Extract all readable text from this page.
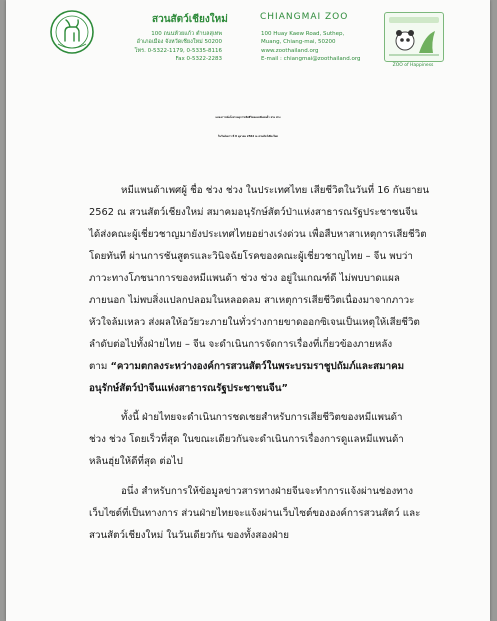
สวนสัตว์เชียงใหม่
100 ถนนห้วยแก้ว ตำบลสุเทพ
อำเภอเมือง จังหวัดเชียงใหม่ 50200
โทร. 0-5322-1179, 0-5335-8116
Fax 0-5322-2283
CHIANGMAI ZOO
100 Huay Kaew Road, Suthep,
Muang, Chiang-mai, 50200
www.zoothailand.org
E-mail : chiangmai@zoothailand.org
ZOO of Happiness
แถลงการณ์แจ้งสาเหตุการเสียชีวิตของหมีแพนด้า ช่วง ช่วง
ในวันอังคาร ที่ 8 ตุลาคม 2562 ณ สวนสัตว์เชียงใหม่
หมีแพนด้าเพศผู้ ชื่อ ช่วง ช่วง ในประเทศไทย เสียชีวิตในวันที่ 16 กันยายน
2562 ณ สวนสัตว์เชียงใหม่ สมาคมอนุรักษ์สัตว์ป่าแห่งสาธารณรัฐประชาชนจีน
ได้ส่งคณะผู้เชี่ยวชาญมายังประเทศไทยอย่างเร่งด่วน เพื่อสืบหาสาเหตุการเสียชีวิต
โดยทันที ผ่านการชันสูตรและวินิจฉัยโรคของคณะผู้เชี่ยวชาญไทย – จีน พบว่า
ภาวะทางโภชนาการของหมีแพนด้า ช่วง ช่วง อยู่ในเกณฑ์ดี ไม่พบบาดแผล
ภายนอก ไม่พบสิ่งแปลกปลอมในหลอดลม สาเหตุการเสียชีวิตเนื่องมาจากภาวะ
หัวใจล้มเหลว ส่งผลให้อวัยวะภายในทั่วร่างกายขาดออกซิเจนเป็นเหตุให้เสียชีวิต
ลำดับต่อไปทั้งฝ่ายไทย – จีน จะดำเนินการจัดการเรื่องที่เกี่ยวข้องภายหลัง
ตาม “ความตกลงระหว่างองค์การสวนสัตว์ในพระบรมราชูปถัมภ์และสมาคม
อนุรักษ์สัตว์ป่าจีนแห่งสาธารณรัฐประชาชนจีน”
ทั้งนี้ ฝ่ายไทยจะดำเนินการชดเชยสำหรับการเสียชีวิตของหมีแพนด้า
ช่วง ช่วง โดยเร็วที่สุด ในขณะเดียวกันจะดำเนินการเรื่องการดูแลหมีแพนด้า
หลินฮุ่ยให้ดีที่สุด ต่อไป
อนึ่ง สำหรับการให้ข้อมูลข่าวสารทางฝ่ายจีนจะทำการแจ้งผ่านช่องทาง
เว็บไซต์ที่เป็นทางการ ส่วนฝ่ายไทยจะแจ้งผ่านเว็บไซต์ขององค์การสวนสัตว์ และ
สวนสัตว์เชียงใหม่ ในวันเดียวกัน ของทั้งสองฝ่าย
